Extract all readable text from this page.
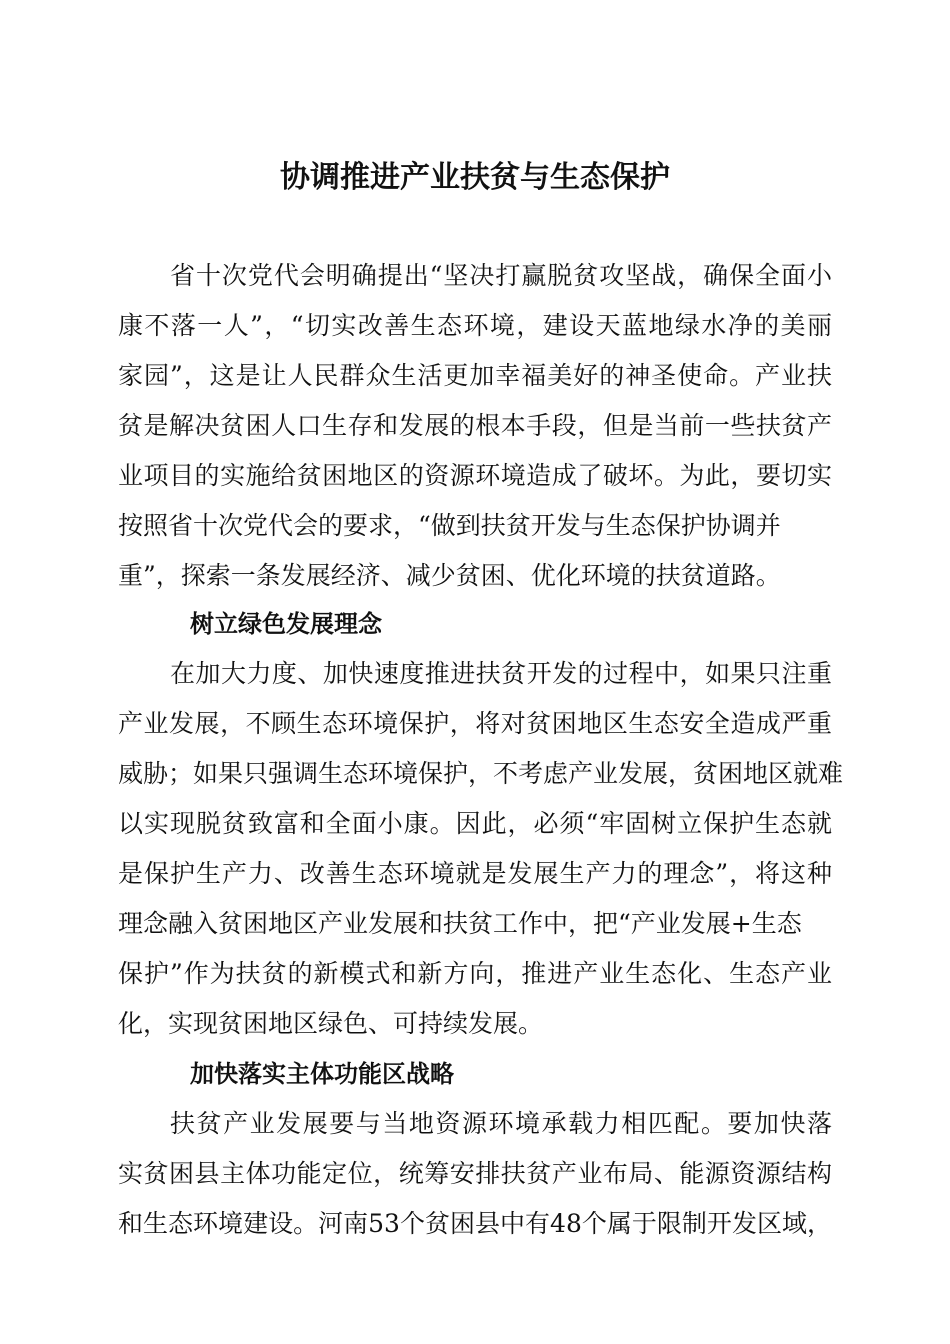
协调推进产业扶贫与生态保护

省十次党代会明确提出“坚决打赢脱贫攻坚战，确保全面小

康不落一人”，“切实改善生态环境，建设天蓝地绿水净的美丽

家园”，这是让人民群众生活更加幸福美好的神圣使命。产业扶

贫是解决贫困人口生存和发展的根本手段，但是当前一些扶贫产

业项目的实施给贫困地区的资源环境造成了破坏。为此，要切实

按照省十次党代会的要求，“做到扶贫开发与生态保护协调并

重”，探索一条发展经济、减少贫困、优化环境的扶贫道路。

树立绿色发展理念

在加大力度、加快速度推进扶贫开发的过程中，如果只注重

产业发展，不顾生态环境保护，将对贫困地区生态安全造成严重

威胁；如果只强调生态环境保护，不考虑产业发展，贫困地区就难

以实现脱贫致富和全面小康。因此，必须“牢固树立保护生态就

是保护生产力、改善生态环境就是发展生产力的理念”，将这种

理念融入贫困地区产业发展和扶贫工作中，把“产业发展+生态

保护”作为扶贫的新模式和新方向，推进产业生态化、生态产业

化，实现贫困地区绿色、可持续发展。

加快落实主体功能区战略

扶贫产业发展要与当地资源环境承载力相匹配。要加快落

实贫困县主体功能定位，统筹安排扶贫产业布局、能源资源结构

和生态环境建设。河南53个贫困县中有48个属于限制开发区域，
